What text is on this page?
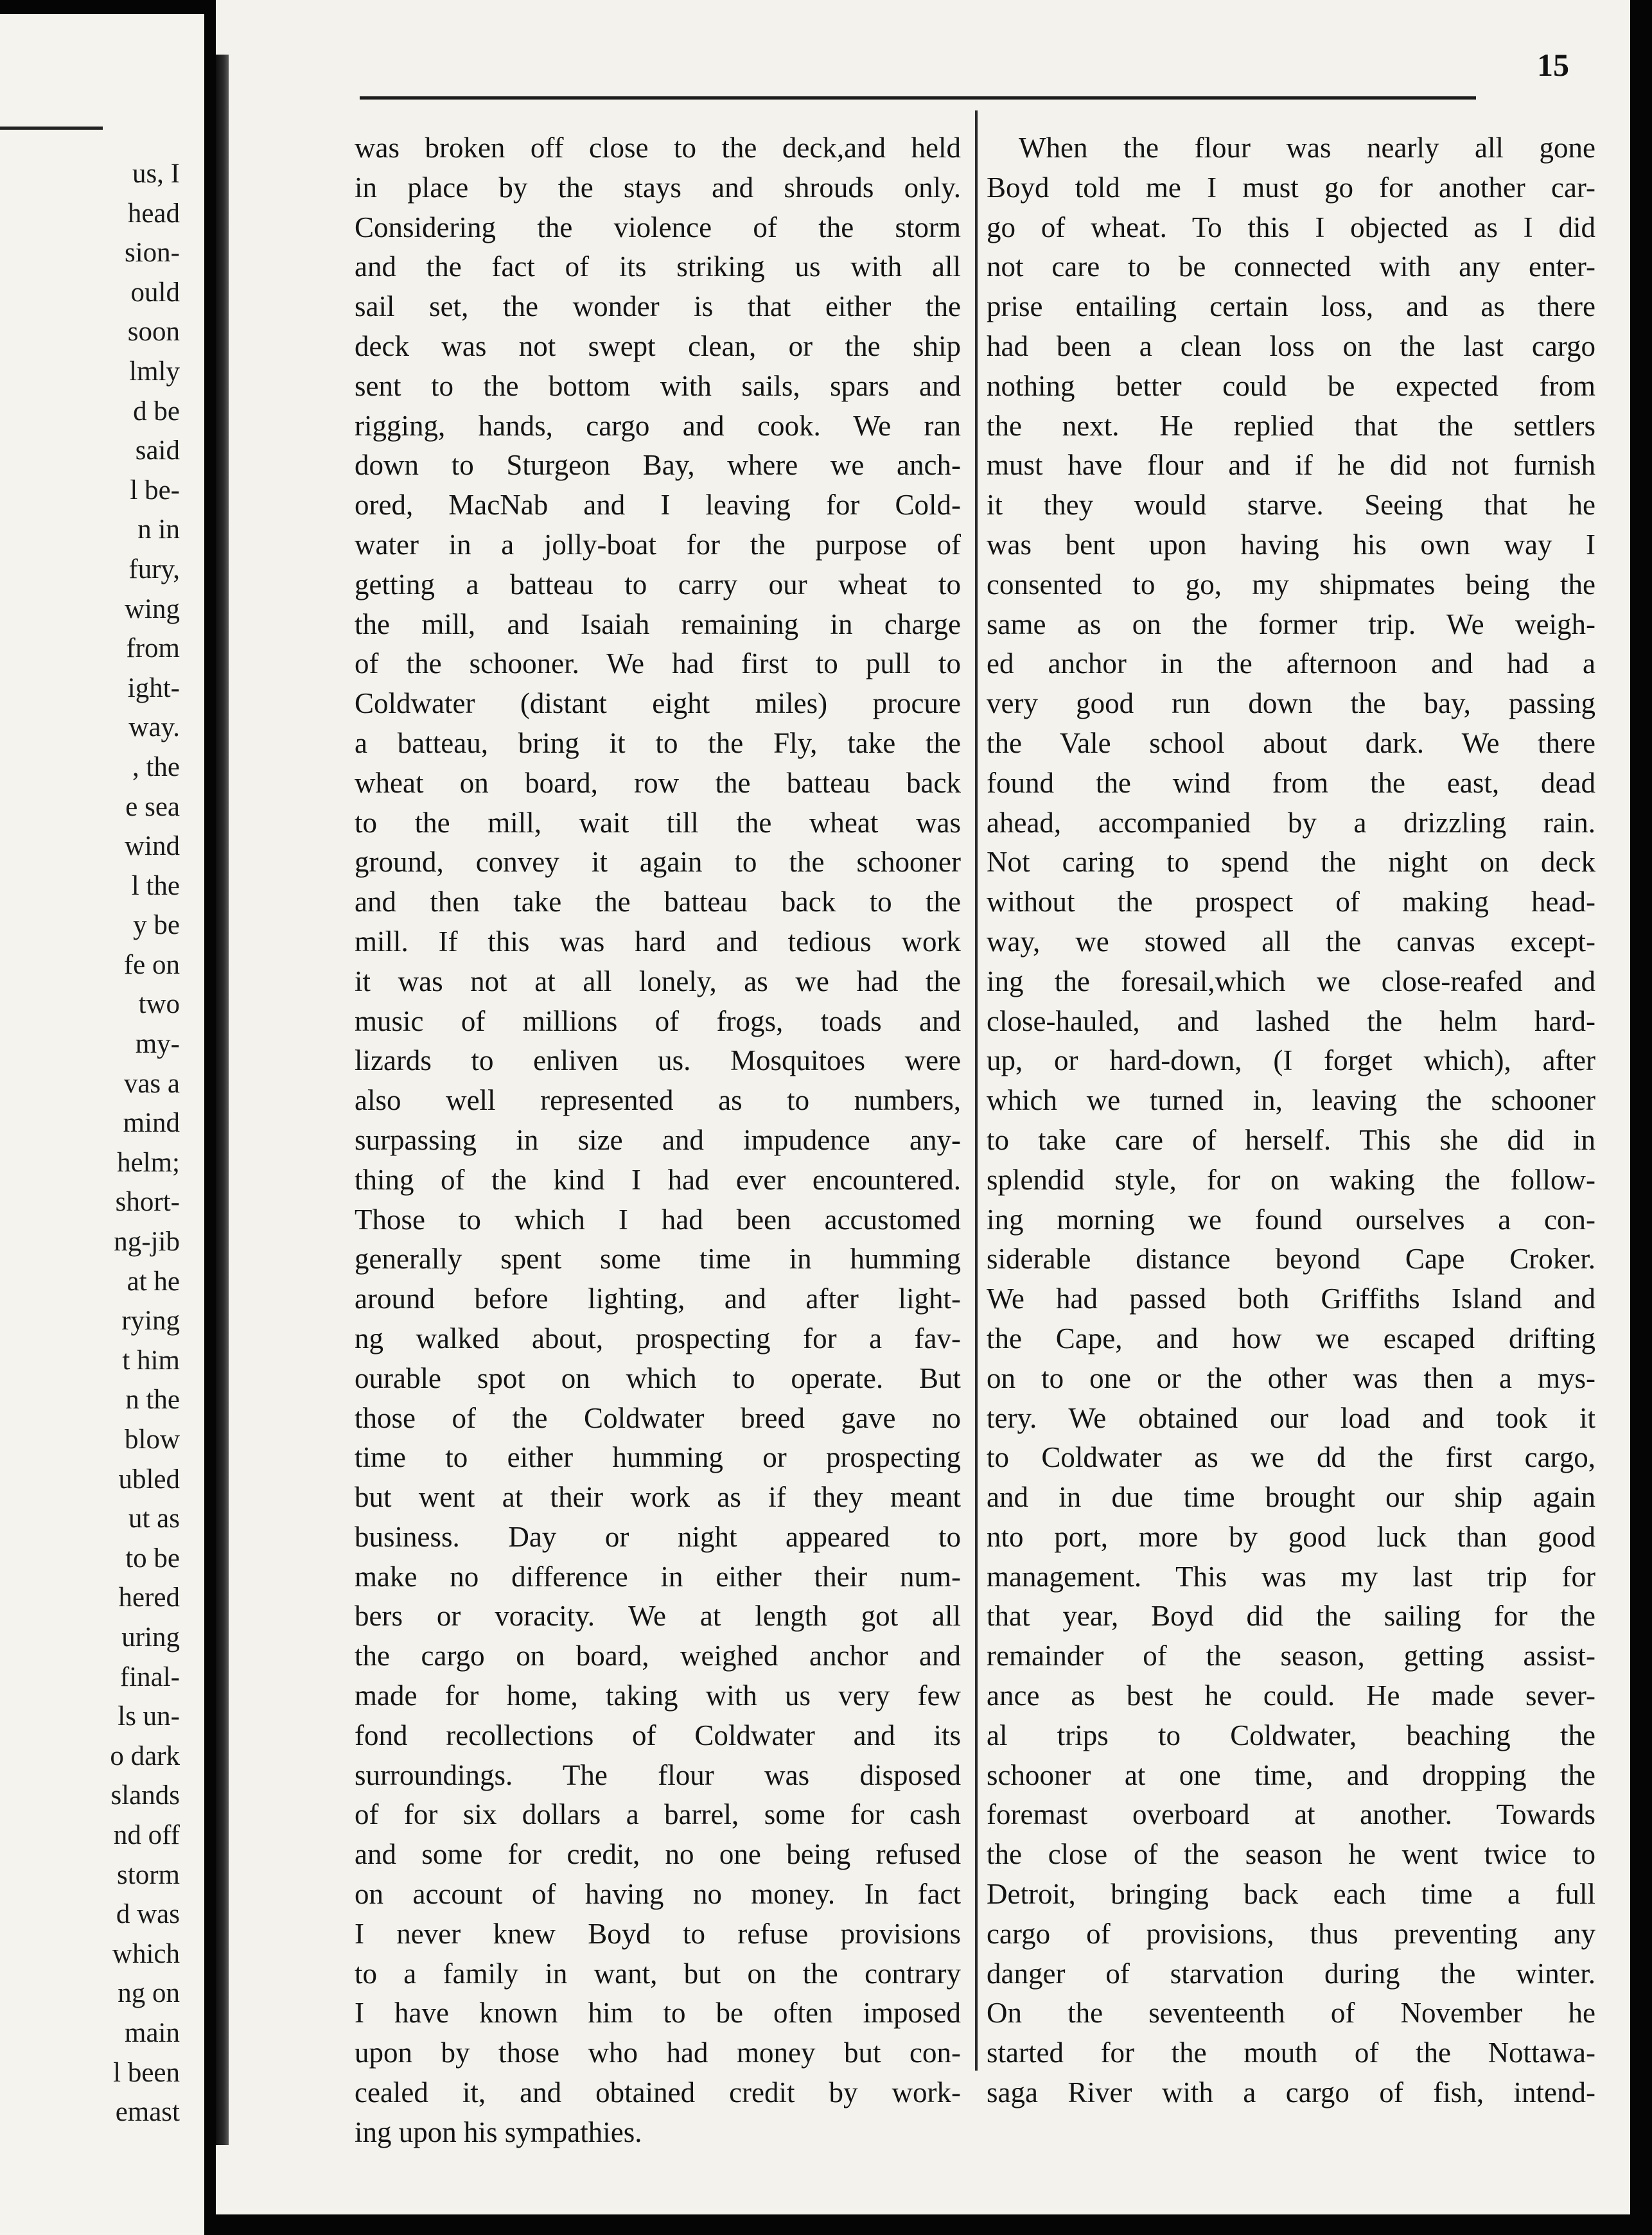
us, I
head
sion-
ould
soon
lmly
d be
said
l be-
n in
fury,
wing
from
ight-
way.
, the
e sea
wind
l the
y be
fe on
two
my-
vas a
mind
helm;
short-
ng-jib
at he
rying
t him
n the
blow
ubled
ut as
to be
hered
uring
final-
ls un-
o dark
slands
nd off
storm
d was
which
ng on
main
l been
emast
15

was broken off close to the deck,and held

in place by the stays and shrouds only.

Considering the violence of the storm

and the fact of its striking us with all

sail set, the wonder is that either the

deck was not swept clean, or the ship

sent to the bottom with sails, spars and

rigging, hands, cargo and cook. We ran

down to Sturgeon Bay, where we anch-

ored, MacNab and I leaving for Cold-

water in a jolly-boat for the purpose of

getting a batteau to carry our wheat to

the mill, and Isaiah remaining in charge

of the schooner. We had first to pull to

Coldwater (distant eight miles) procure

a batteau, bring it to the Fly, take the

wheat on board, row the batteau back

to the mill, wait till the wheat was

ground, convey it again to the schooner

and then take the batteau back to the

mill. If this was hard and tedious work

it was not at all lonely, as we had the

music of millions of frogs, toads and

lizards to enliven us. Mosquitoes were

also well represented as to numbers,

surpassing in size and impudence any-

thing of the kind I had ever encountered.

Those to which I had been accustomed

generally spent some time in humming

around before lighting, and after light-

ng walked about, prospecting for a fav-

ourable spot on which to operate. But

those of the Coldwater breed gave no

time to either humming or prospecting

but went at their work as if they meant

business. Day or night appeared to

make no difference in either their num-

bers or voracity. We at length got all

the cargo on board, weighed anchor and

made for home, taking with us very few

fond recollections of Coldwater and its

surroundings. The flour was disposed

of for six dollars a barrel, some for cash

and some for credit, no one being refused

on account of having no money. In fact

I never knew Boyd to refuse provisions

to a family in want, but on the contrary

I have known him to be often imposed

upon by those who had money but con-

cealed it, and obtained credit by work-

ing upon his sympathies.

When the flour was nearly all gone

Boyd told me I must go for another car-

go of wheat. To this I objected as I did

not care to be connected with any enter-

prise entailing certain loss, and as there

had been a clean loss on the last cargo

nothing better could be expected from

the next. He replied that the settlers

must have flour and if he did not furnish

it they would starve. Seeing that he

was bent upon having his own way I

consented to go, my shipmates being the

same as on the former trip. We weigh-

ed anchor in the afternoon and had a

very good run down the bay, passing

the Vale school about dark. We there

found the wind from the east, dead

ahead, accompanied by a drizzling rain.

Not caring to spend the night on deck

without the prospect of making head-

way, we stowed all the canvas except-

ing the foresail,which we close-reafed and

close-hauled, and lashed the helm hard-

up, or hard-down, (I forget which), after

which we turned in, leaving the schooner

to take care of herself. This she did in

splendid style, for on waking the follow-

ing morning we found ourselves a con-

siderable distance beyond Cape Croker.

We had passed both Griffiths Island and

the Cape, and how we escaped drifting

on to one or the other was then a mys-

tery. We obtained our load and took it

to Coldwater as we dd the first cargo,

and in due time brought our ship again

nto port, more by good luck than good

management. This was my last trip for

that year, Boyd did the sailing for the

remainder of the season, getting assist-

ance as best he could. He made sever-

al trips to Coldwater, beaching the

schooner at one time, and dropping the

foremast overboard at another. Towards

the close of the season he went twice to

Detroit, bringing back each time a full

cargo of provisions, thus preventing any

danger of starvation during the winter.

On the seventeenth of November he

started for the mouth of the Nottawa-

saga River with a cargo of fish, intend-
